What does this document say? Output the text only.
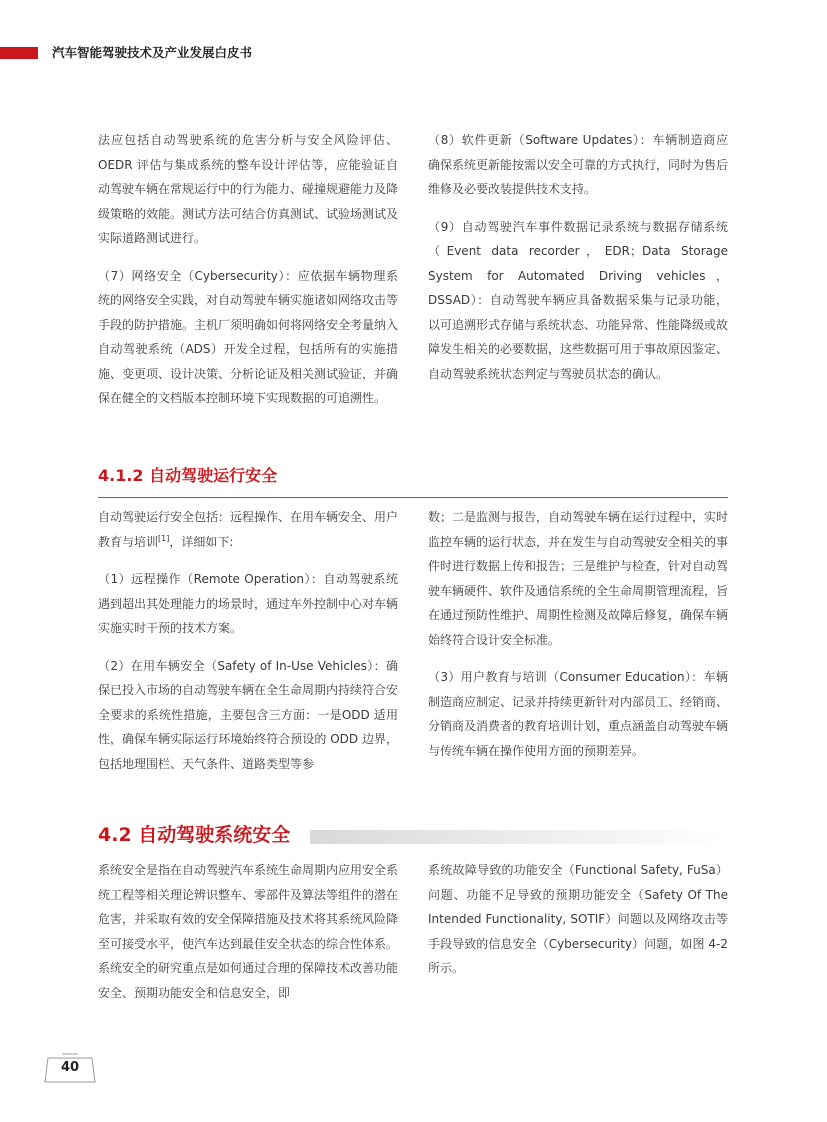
汽车智能驾驶技术及产业发展白皮书

法应包括自动驾驶系统的危害分析与安全风险评估、OEDR 评估与集成系统的整车设计评估等，应能验证自动驾驶车辆在常规运行中的行为能力、碰撞规避能力及降级策略的效能。测试方法可结合仿真测试、试验场测试及实际道路测试进行。

（7）网络安全（Cybersecurity）：应依据车辆物理系统的网络安全实践，对自动驾驶车辆实施诸如网络攻击等手段的防护措施。主机厂须明确如何将网络安全考量纳入自动驾驶系统（ADS）开发全过程，包括所有的实施措施、变更项、设计决策、分析论证及相关测试验证，并确保在健全的文档版本控制环境下实现数据的可追溯性。

（8）软件更新（Software Updates）：车辆制造商应确保系统更新能按需以安全可靠的方式执行，同时为售后维修及必要改装提供技术支持。

（9）自动驾驶汽车事件数据记录系统与数据存储系统（Event data recorder，EDR；Data Storage System for Automated Driving vehicles，DSSAD）：自动驾驶车辆应具备数据采集与记录功能，以可追溯形式存储与系统状态、功能异常、性能降级或故障发生相关的必要数据，这些数据可用于事故原因鉴定、自动驾驶系统状态判定与驾驶员状态的确认。

4.1.2 自动驾驶运行安全

自动驾驶运行安全包括：远程操作、在用车辆安全、用户教育与培训[1]，详细如下:

（1）远程操作（Remote Operation）：自动驾驶系统遇到超出其处理能力的场景时，通过车外控制中心对车辆实施实时干预的技术方案。

（2）在用车辆安全（Safety of In-Use Vehicles）：确保已投入市场的自动驾驶车辆在全生命周期内持续符合安全要求的系统性措施，主要包含三方面：一是ODD 适用性，确保车辆实际运行环境始终符合预设的 ODD 边界，包括地理围栏、天气条件、道路类型等参

数；二是监测与报告，自动驾驶车辆在运行过程中，实时监控车辆的运行状态，并在发生与自动驾驶安全相关的事件时进行数据上传和报告；三是维护与检查，针对自动驾驶车辆硬件、软件及通信系统的全生命周期管理流程，旨在通过预防性维护、周期性检测及故障后修复，确保车辆始终符合设计安全标准。

（3）用户教育与培训（Consumer Education）：车辆制造商应制定、记录并持续更新针对内部员工、经销商、分销商及消费者的教育培训计划，重点涵盖自动驾驶车辆与传统车辆在操作使用方面的预期差异。

4.2 自动驾驶系统安全

系统安全是指在自动驾驶汽车系统生命周期内应用安全系统工程等相关理论辨识整车、零部件及算法等组件的潜在危害，并采取有效的安全保障措施及技术将其系统风险降至可接受水平，使汽车达到最佳安全状态的综合性体系。系统安全的研究重点是如何通过合理的保障技术改善功能安全、预期功能安全和信息安全，即

系统故障导致的功能安全（Functional Safety, FuSa）问题、功能不足导致的预期功能安全（Safety Of The Intended Functionality, SOTIF）问题以及网络攻击等手段导致的信息安全（Cybersecurity）问题，如图 4-2 所示。

40
